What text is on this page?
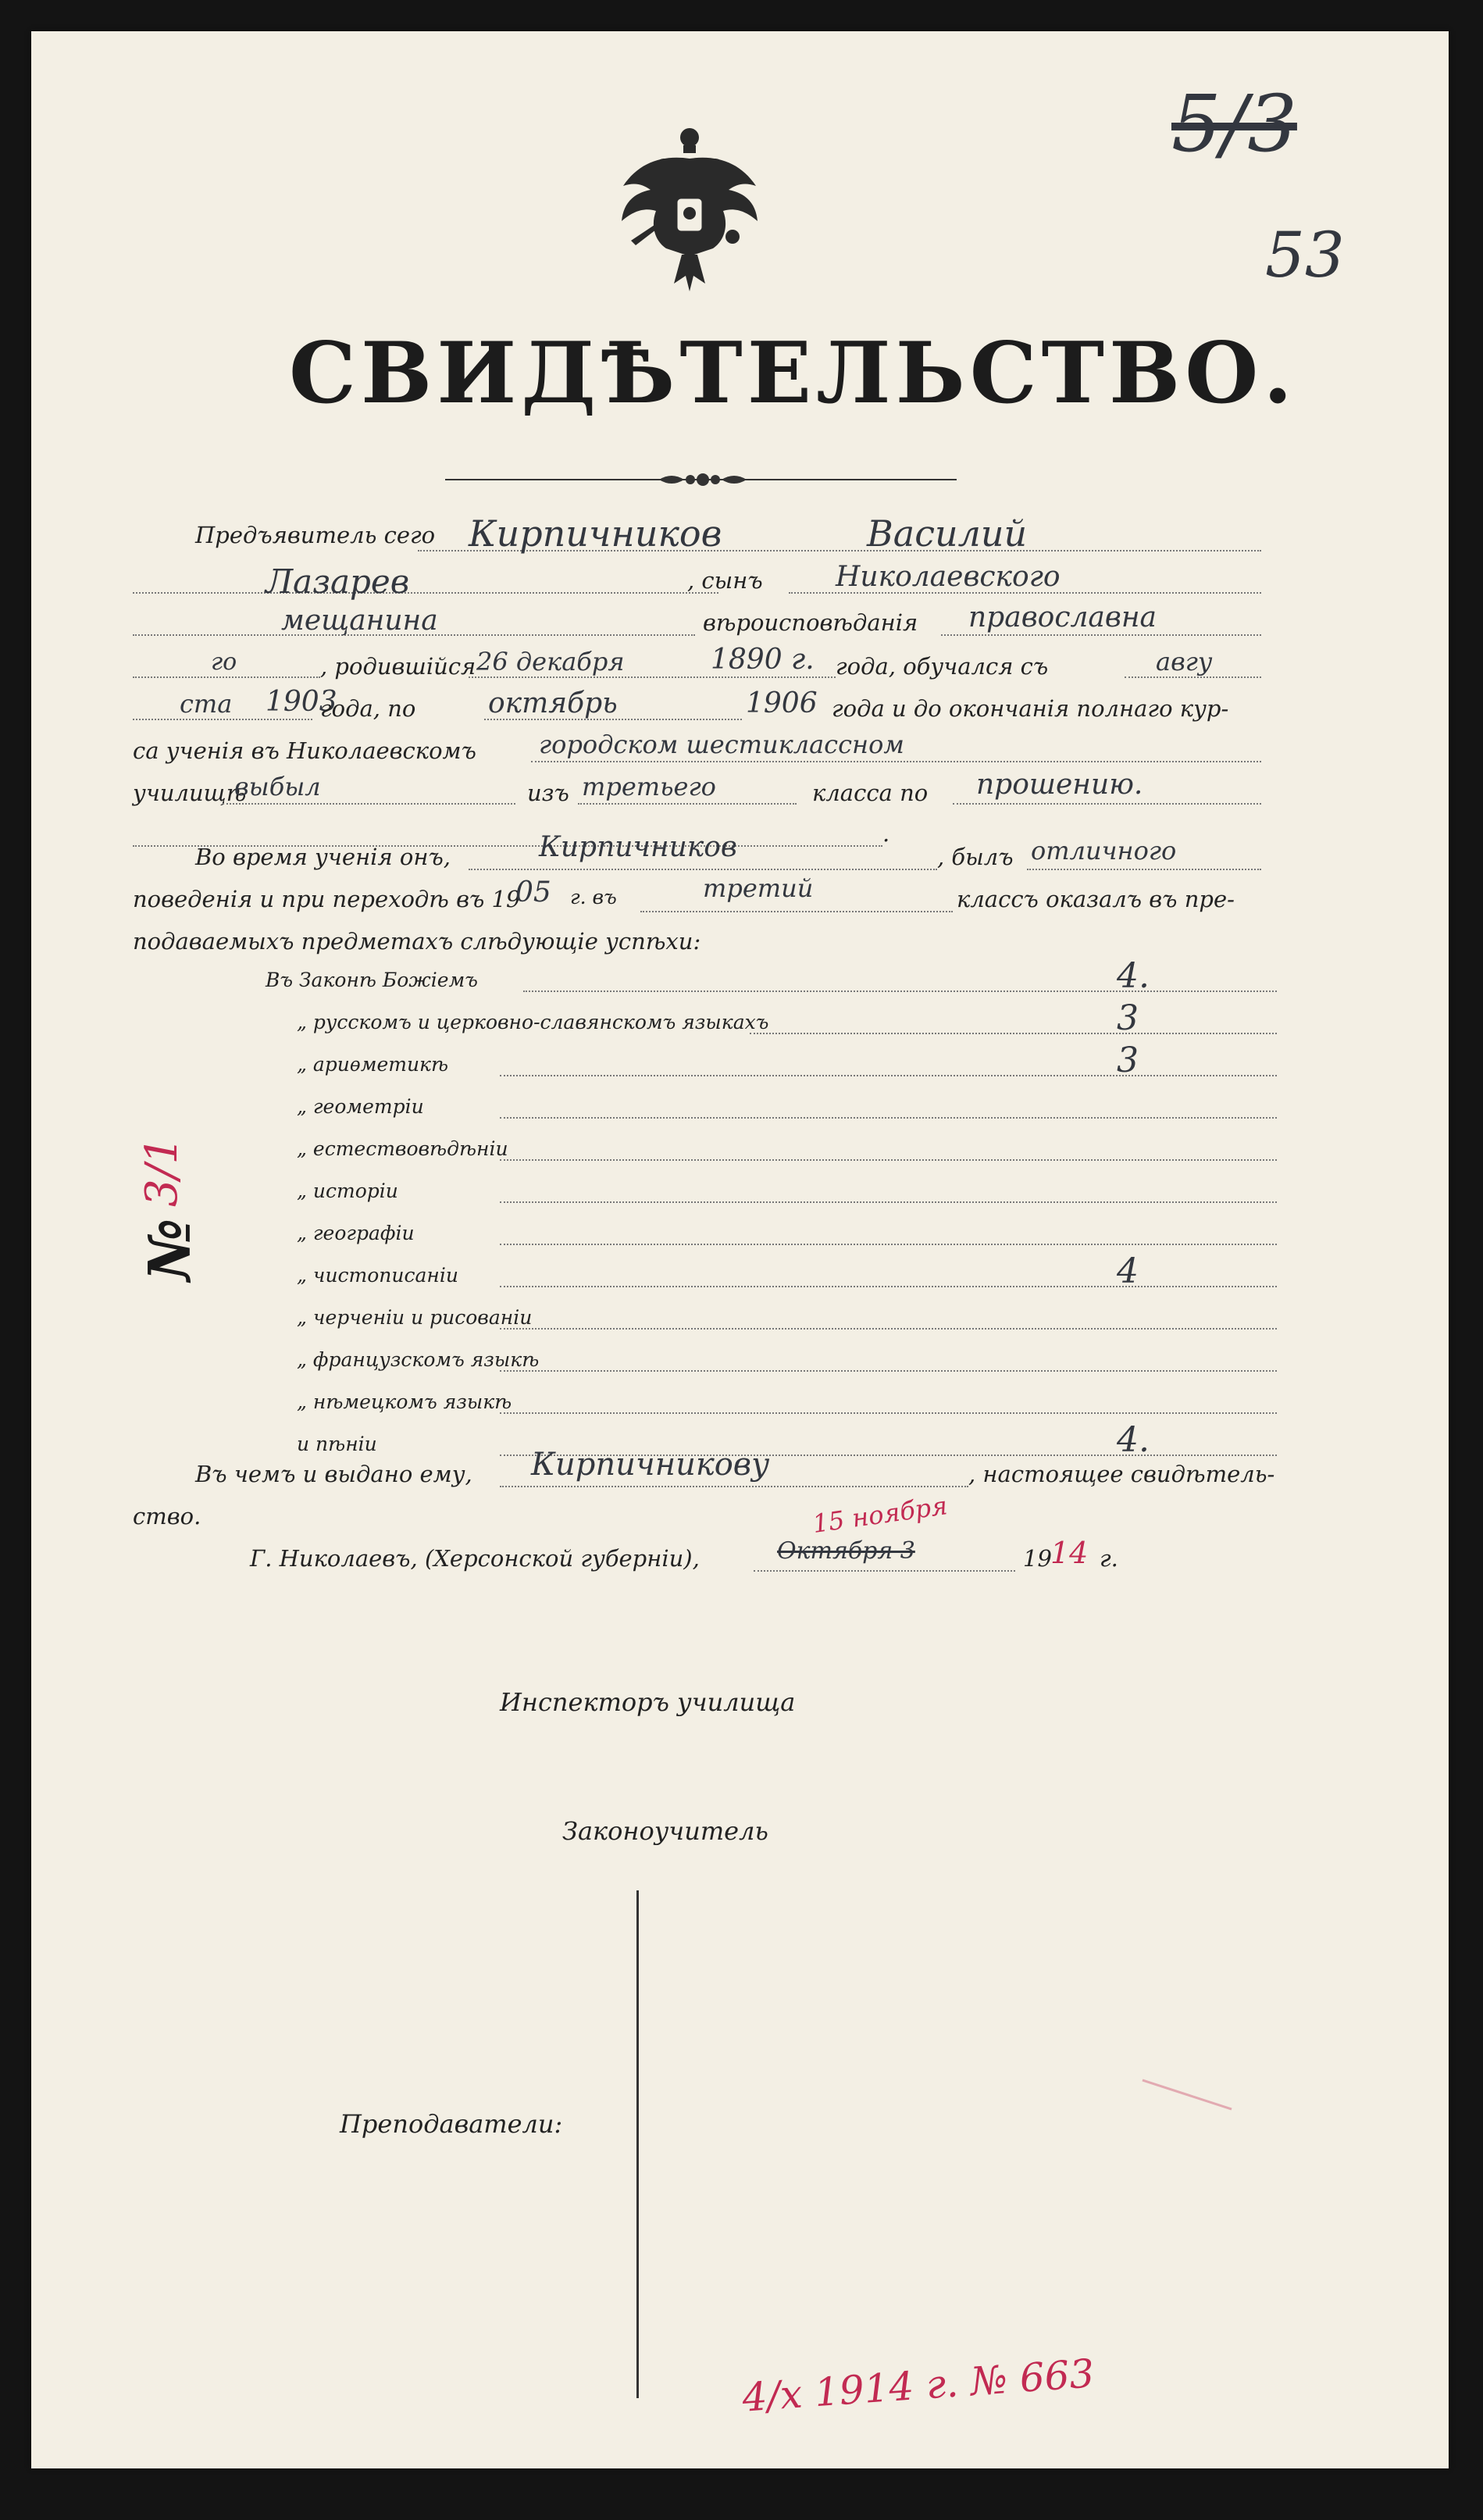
5/3
53
СВИДѢТЕЛЬСТВО.
№
3/1
Предъявитель сего Кирпичников	Василий
Лазарев	, сынъ	Николаевского
мещанина	вѣроисповѣданія православна
го	, родившійся 26 декабря	1890 г. года, обучался съ	авгу
ста 1903
года, по	октябрь	1906 года и до окончанія полнаго кур-
са ученія въ Николаевскомъ	городском шестиклассном
училищѣ
выбыл	изъ третьего	класса по прошению.
.
Во время ученія онъ,	Кирпичников	, былъ отличного
поведенія и при переходѣ въ 19
05 г. въ	третий	классъ оказалъ въ пре-
подаваемыхъ предметахъ слѣдующіе успѣхи:
Въ Законѣ Божіемъ	4.
„ русскомъ и церковно-славянскомъ языкахъ	3
„ ариѳметикѣ	3
„ геометріи
„ естествовѣдѣніи
„ исторіи
„ географіи
„ чистописаніи	4
„ черченіи и рисованіи
„ французскомъ языкѣ
„ нѣмецкомъ языкѣ
и пѣніи	4.
Въ чемъ и выдано ему, Кирпичникову	, настоящее свидѣтель-
ство.
Г. Николаевъ, (Херсонской губерніи),	Октября 3
15 ноября
19
14 г.
Инспекторъ училища
Законоучитель
Преподаватели:
4/x 1914 г. № 663
